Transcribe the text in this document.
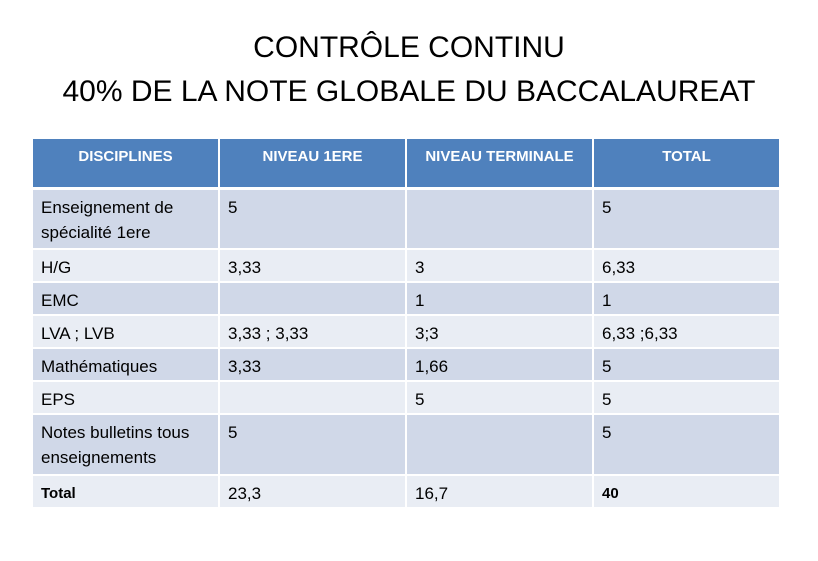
CONTRÔLE CONTINU
40% DE LA NOTE GLOBALE DU BACCALAUREAT
DISCIPLINES	NIVEAU 1ERE	NIVEAU TERMINALE	TOTAL
Enseignement de spécialité 1ere	5		5
H/G	3,33	3	6,33
EMC		1	1
LVA ; LVB	3,33 ; 3,33	3;3	6,33 ;6,33
Mathématiques	3,33	1,66	5
EPS		5	5
Notes bulletins tous enseignements	5		5
Total	23,3	16,7	40
